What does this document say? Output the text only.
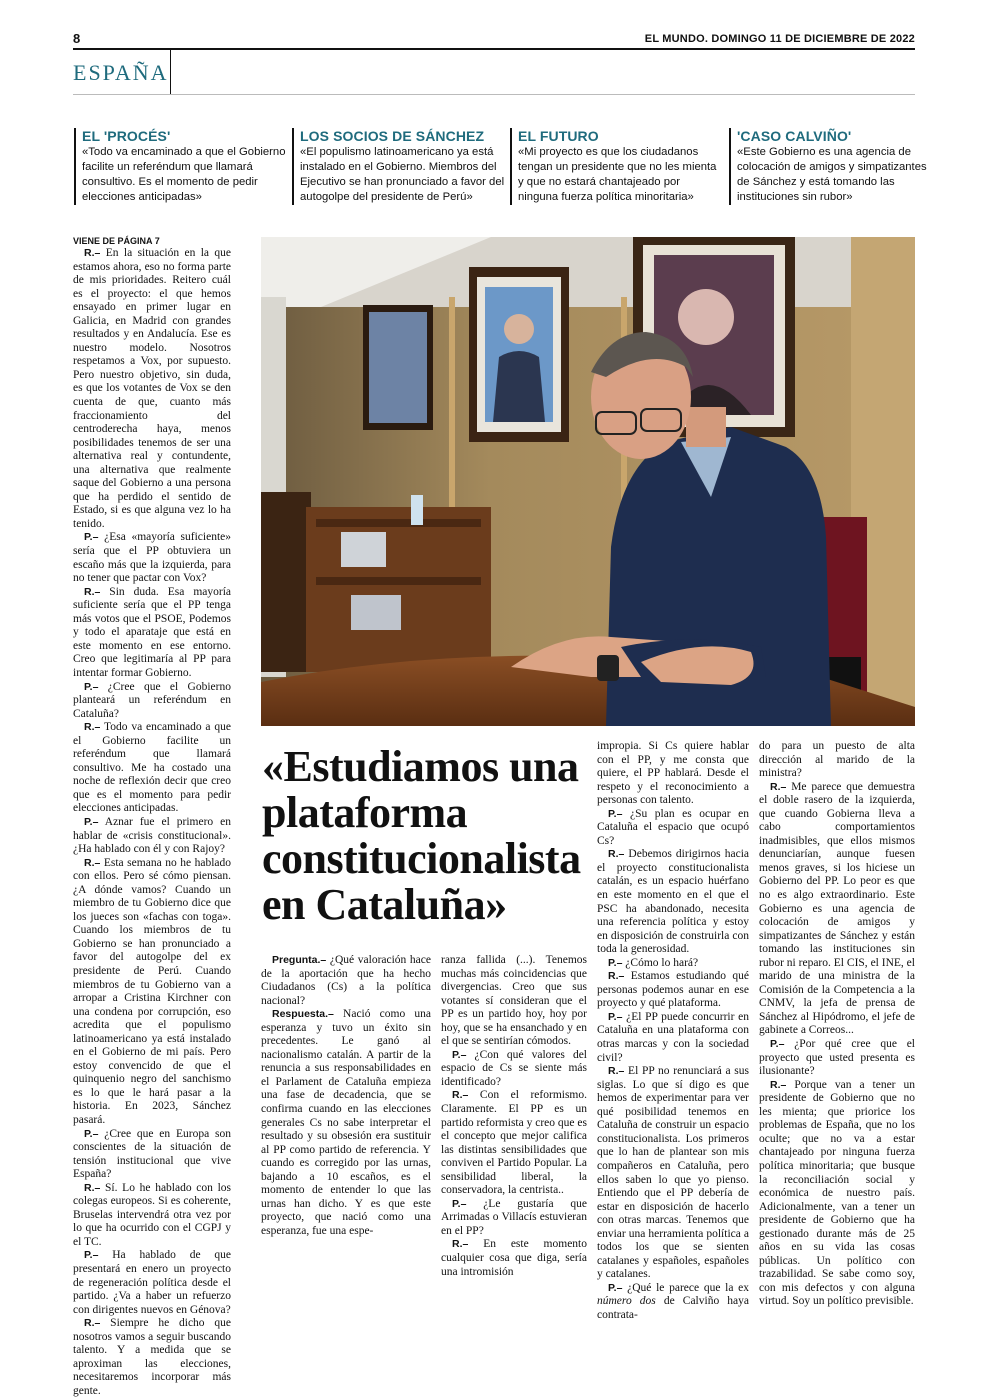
8	EL MUNDO. DOMINGO 11 DE DICIEMBRE DE 2022
ESPAÑA
EL 'PROCÉS'

«Todo va encaminado a que el Gobierno facilite un referéndum que llamará consultivo. Es el momento de pedir elecciones anticipadas»

LOS SOCIOS DE SÁNCHEZ

«El populismo latinoamericano ya está instalado en el Gobierno. Miembros del Ejecutivo se han pronunciado a favor del autogolpe del presidente de Perú»

EL FUTURO

«Mi proyecto es que los ciudadanos tengan un presidente que no les mienta y que no estará chantajeado por ninguna fuerza política minoritaria»

'CASO CALVIÑO'

«Este Gobierno es una agencia de colocación de amigos y simpatizantes de Sánchez y está tomando las instituciones sin rubor»

VIENE DE PÁGINA 7

R.– En la situación en la que estamos ahora, eso no forma parte de mis prioridades. Reitero cuál es el proyecto: el que hemos ensayado en primer lugar en Galicia, en Madrid con grandes resultados y en Andalucía. Ese es nuestro modelo. Nosotros respetamos a Vox, por supuesto. Pero nuestro objetivo, sin duda, es que los votantes de Vox se den cuenta de que, cuanto más fraccionamiento del centroderecha haya, menos posibilidades tenemos de ser una alternativa real y contundente, una alternativa que realmente saque del Gobierno a una persona que ha perdido el sentido de Estado, si es que alguna vez lo ha tenido.

P.– ¿Esa «mayoría suficiente» sería que el PP obtuviera un escaño más que la izquierda, para no tener que pactar con Vox?

R.– Sin duda. Esa mayoría suficiente sería que el PP tenga más votos que el PSOE, Podemos y todo el aparataje que está en este momento en ese entorno. Creo que legitimaría al PP para intentar formar Gobierno.

P.– ¿Cree que el Gobierno planteará un referéndum en Cataluña?

R.– Todo va encaminado a que el Gobierno facilite un referéndum que llamará consultivo. Me ha costado una noche de reflexión decir que creo que es el momento para pedir elecciones anticipadas.

P.– Aznar fue el primero en hablar de «crisis constitucional». ¿Ha hablado con él y con Rajoy?

R.– Esta semana no he hablado con ellos. Pero sé cómo piensan. ¿A dónde vamos? Cuando un miembro de tu Gobierno dice que los jueces son «fachas con toga». Cuando los miembros de tu Gobierno se han pronunciado a favor del autogolpe del ex presidente de Perú. Cuando miembros de tu Gobierno van a arropar a Cristina Kirchner con una condena por corrupción, eso acredita que el populismo latinoamericano ya está instalado en el Gobierno de mi país. Pero estoy convencido de que el quinquenio negro del sanchismo es lo que le hará pasar a la historia. En 2023, Sánchez pasará.

P.– ¿Cree que en Europa son conscientes de la situación de tensión institucional que vive España?

R.– Sí. Lo he hablado con los colegas europeos. Si es coherente, Bruselas intervendrá otra vez por lo que ha ocurrido con el CGPJ y el TC.

P.– Ha hablado de que presentará en enero un proyecto de regeneración política desde el partido. ¿Va a haber un refuerzo con dirigentes nuevos en Génova?

R.– Siempre he dicho que nosotros vamos a seguir buscando talento. Y a medida que se aproximan las elecciones, necesitaremos incorporar más gente.

«Estudiamos una plataforma constitucionalista en Cataluña»

Pregunta.– ¿Qué valoración hace de la aportación que ha hecho Ciudadanos (Cs) a la política nacional?

Respuesta.– Nació como una esperanza y tuvo un éxito sin precedentes. Le ganó al nacionalismo catalán. A partir de la renuncia a sus responsabilidades en el Parlament de Cataluña empieza una fase de decadencia, que se confirma cuando en las elecciones generales Cs no sabe interpretar el resultado y su obsesión era sustituir al PP como partido de referencia. Y cuando es corregido por las urnas, bajando a 10 escaños, es el momento de entender lo que las urnas han dicho. Y es que este proyecto, que nació como una esperanza, fue una espe-

impropia. Si Cs quiere hablar con el PP, y me consta que quiere, el PP hablará. Desde el respeto y el reconocimiento a personas con talento.

P.– ¿Su plan es ocupar en Cataluña el espacio que ocupó Cs?

R.– Debemos dirigirnos hacia el proyecto constitucionalista catalán, es un espacio huérfano en este momento en el que el PSC ha abandonado, necesita una referencia política y estoy en disposición de construirla con toda la generosidad.

P.– ¿Cómo lo hará?

R.– Estamos estudiando qué personas podemos aunar en ese proyecto y qué plataforma.

P.– ¿El PP puede concurrir en Cataluña en una plataforma con otras marcas y con la sociedad civil?

R.– El PP no renunciará a sus siglas. Lo que sí digo es que hemos de experimentar para ver qué posibilidad tenemos en Cataluña de construir un espacio constitucionalista. Los primeros que lo han de plantear son mis compañeros en Cataluña, pero ellos saben lo que yo pienso. Entiendo que el PP debería de estar en disposición de hacerlo con otras marcas. Tenemos que enviar una herramienta política a todos los que se sienten catalanes y españoles, españoles y catalanes.

P.– ¿Qué le parece que la ex número dos de Calviño haya contrata-

ranza fallida (...). Tenemos muchas más coincidencias que divergencias. Creo que sus votantes sí consideran que el PP es un partido hoy, hoy por hoy, que se ha ensanchado y en el que se sentirían cómodos.

P.– ¿Con qué valores del espacio de Cs se siente más identificado?

R.– Con el reformismo. Claramente. El PP es un partido reformista y creo que es el concepto que mejor califica las distintas sensibilidades que conviven el Partido Popular. La sensibilidad liberal, la conservadora, la centrista..

P.– ¿Le gustaría que Arrimadas o Villacís estuvieran en el PP?

R.– En este momento cualquier cosa que diga, sería una intromisión

do para un puesto de alta dirección al marido de la ministra?

R.– Me parece que demuestra el doble rasero de la izquierda, que cuando Gobierna lleva a cabo comportamientos inadmisibles, que ellos mismos denunciarían, aunque fuesen menos graves, si los hiciese un Gobierno del PP. Lo peor es que no es algo extraordinario. Este Gobierno es una agencia de colocación de amigos y simpatizantes de Sánchez y están tomando las instituciones sin rubor ni reparo. El CIS, el INE, el marido de una ministra de la Comisión de la Competencia a la CNMV, la jefa de prensa de Sánchez al Hipódromo, el jefe de gabinete a Correos...

P.– ¿Por qué cree que el proyecto que usted presenta es ilusionante?

R.– Porque van a tener un presidente de Gobierno que no les mienta; que priorice los problemas de España, que no los oculte; que no va a estar chantajeado por ninguna fuerza política minoritaria; que busque la reconciliación social y económica de nuestro país. Adicionalmente, van a tener un presidente de Gobierno que ha gestionado durante más de 25 años en su vida las cosas públicas. Un político con trazabilidad. Se sabe como soy, con mis defectos y con alguna virtud. Soy un político previsible.
